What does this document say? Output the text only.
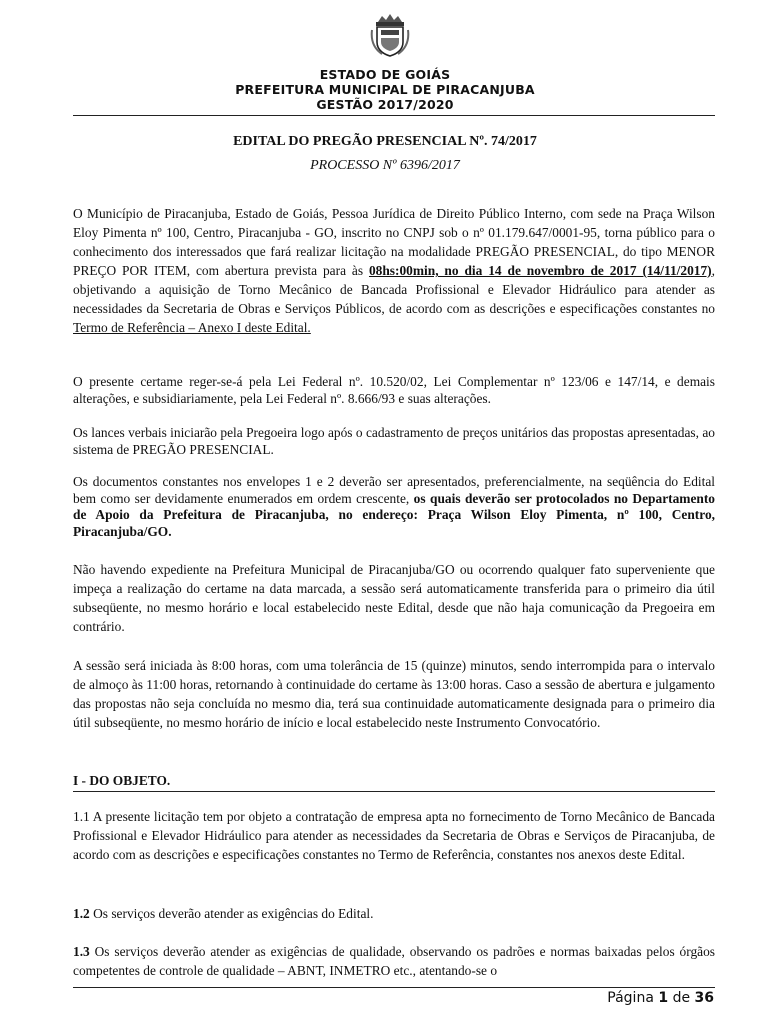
ESTADO DE GOIÁS
PREFEITURA MUNICIPAL DE PIRACANJUBA
GESTÃO 2017/2020
EDITAL DO PREGÃO PRESENCIAL Nº. 74/2017
PROCESSO Nº 6396/2017

O Município de Piracanjuba, Estado de Goiás, Pessoa Jurídica de Direito Público Interno, com sede na Praça Wilson Eloy Pimenta nº 100, Centro, Piracanjuba - GO, inscrito no CNPJ sob o nº 01.179.647/0001-95, torna público para o conhecimento dos interessados que fará realizar licitação na modalidade PREGÃO PRESENCIAL, do tipo MENOR PREÇO POR ITEM, com abertura prevista para às 08hs:00min, no dia 14 de novembro de 2017 (14/11/2017), objetivando a aquisição de Torno Mecânico de Bancada Profissional e Elevador Hidráulico para atender as necessidades da Secretaria de Obras e Serviços Públicos, de acordo com as descrições e especificações constantes no Termo de Referência – Anexo I deste Edital.

O presente certame reger-se-á pela Lei Federal nº. 10.520/02, Lei Complementar nº 123/06 e 147/14, e demais alterações, e subsidiariamente, pela Lei Federal nº. 8.666/93 e suas alterações.

Os lances verbais iniciarão pela Pregoeira logo após o cadastramento de preços unitários das propostas apresentadas, ao sistema de PREGÃO PRESENCIAL.

Os documentos constantes nos envelopes 1 e 2 deverão ser apresentados, preferencialmente, na seqüência do Edital bem como ser devidamente enumerados em ordem crescente, os quais deverão ser protocolados no Departamento de Apoio da Prefeitura de Piracanjuba, no endereço: Praça Wilson Eloy Pimenta, nº 100, Centro, Piracanjuba/GO.

Não havendo expediente na Prefeitura Municipal de Piracanjuba/GO ou ocorrendo qualquer fato superveniente que impeça a realização do certame na data marcada, a sessão será automaticamente transferida para o primeiro dia útil subseqüente, no mesmo horário e local estabelecido neste Edital, desde que não haja comunicação da Pregoeira em contrário.

A sessão será iniciada às 8:00 horas, com uma tolerância de 15 (quinze) minutos, sendo interrompida para o intervalo de almoço às 11:00 horas, retornando à continuidade do certame às 13:00 horas. Caso a sessão de abertura e julgamento das propostas não seja concluída no mesmo dia, terá sua continuidade automaticamente designada para o primeiro dia útil subseqüente, no mesmo horário de início e local estabelecido neste Instrumento Convocatório.

I - DO OBJETO.

1.1 A presente licitação tem por objeto a contratação de empresa apta no fornecimento de Torno Mecânico de Bancada Profissional e Elevador Hidráulico para atender as necessidades da Secretaria de Obras e Serviços de Piracanjuba, de acordo com as descrições e especificações constantes no Termo de Referência, constantes nos anexos deste Edital.

1.2 Os serviços deverão atender as exigências do Edital.

1.3 Os serviços deverão atender as exigências de qualidade, observando os padrões e normas baixadas pelos órgãos competentes de controle de qualidade – ABNT, INMETRO etc., atentando-se o

Página 1 de 36
